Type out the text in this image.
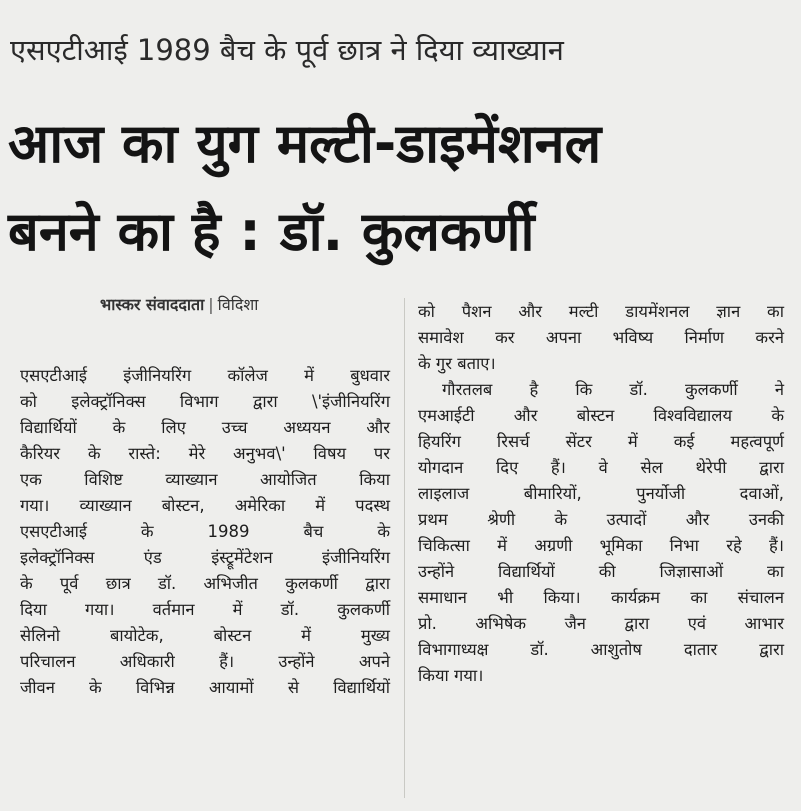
एसएटीआई 1989 बैच के पूर्व छात्र ने दिया व्याख्यान
आज का युग मल्टी-डाइमेंशनल
बनने का है : डॉ. कुलकर्णी
भास्कर संवाददाता | विदिशा
एसएटीआई इंजीनियरिंग कॉलेज में बुधवार
को इलेक्ट्रॉनिक्स विभाग द्वारा \'इंजीनियरिंग
विद्यार्थियों के लिए उच्च अध्ययन और
कैरियर के रास्ते: मेरे अनुभव\' विषय पर
एक विशिष्ट व्याख्यान आयोजित किया
गया। व्याख्यान बोस्टन, अमेरिका में पदस्थ
एसएटीआई के 1989 बैच के
इलेक्ट्रॉनिक्स एंड इंस्ट्रूमेंटेशन इंजीनियरिंग
के पूर्व छात्र डॉ. अभिजीत कुलकर्णी द्वारा
दिया गया। वर्तमान में डॉ. कुलकर्णी
सेलिनो बायोटेक, बोस्टन में मुख्य
परिचालन अधिकारी हैं। उन्होंने अपने
जीवन के विभिन्न आयामों से विद्यार्थियों
को पैशन और मल्टी डायमेंशनल ज्ञान का
समावेश कर अपना भविष्य निर्माण करने
के गुर बताए।
गौरतलब है कि डॉ. कुलकर्णी ने
एमआईटी और बोस्टन विश्वविद्यालय के
हियरिंग रिसर्च सेंटर में कई महत्वपूर्ण
योगदान दिए हैं। वे सेल थेरेपी द्वारा
लाइलाज बीमारियों, पुनर्योजी दवाओं,
प्रथम श्रेणी के उत्पादों और उनकी
चिकित्सा में अग्रणी भूमिका निभा रहे हैं।
उन्होंने विद्यार्थियों की जिज्ञासाओं का
समाधान भी किया। कार्यक्रम का संचालन
प्रो. अभिषेक जैन द्वारा एवं आभार
विभागाध्यक्ष डॉ. आशुतोष दातार द्वारा
किया गया।
